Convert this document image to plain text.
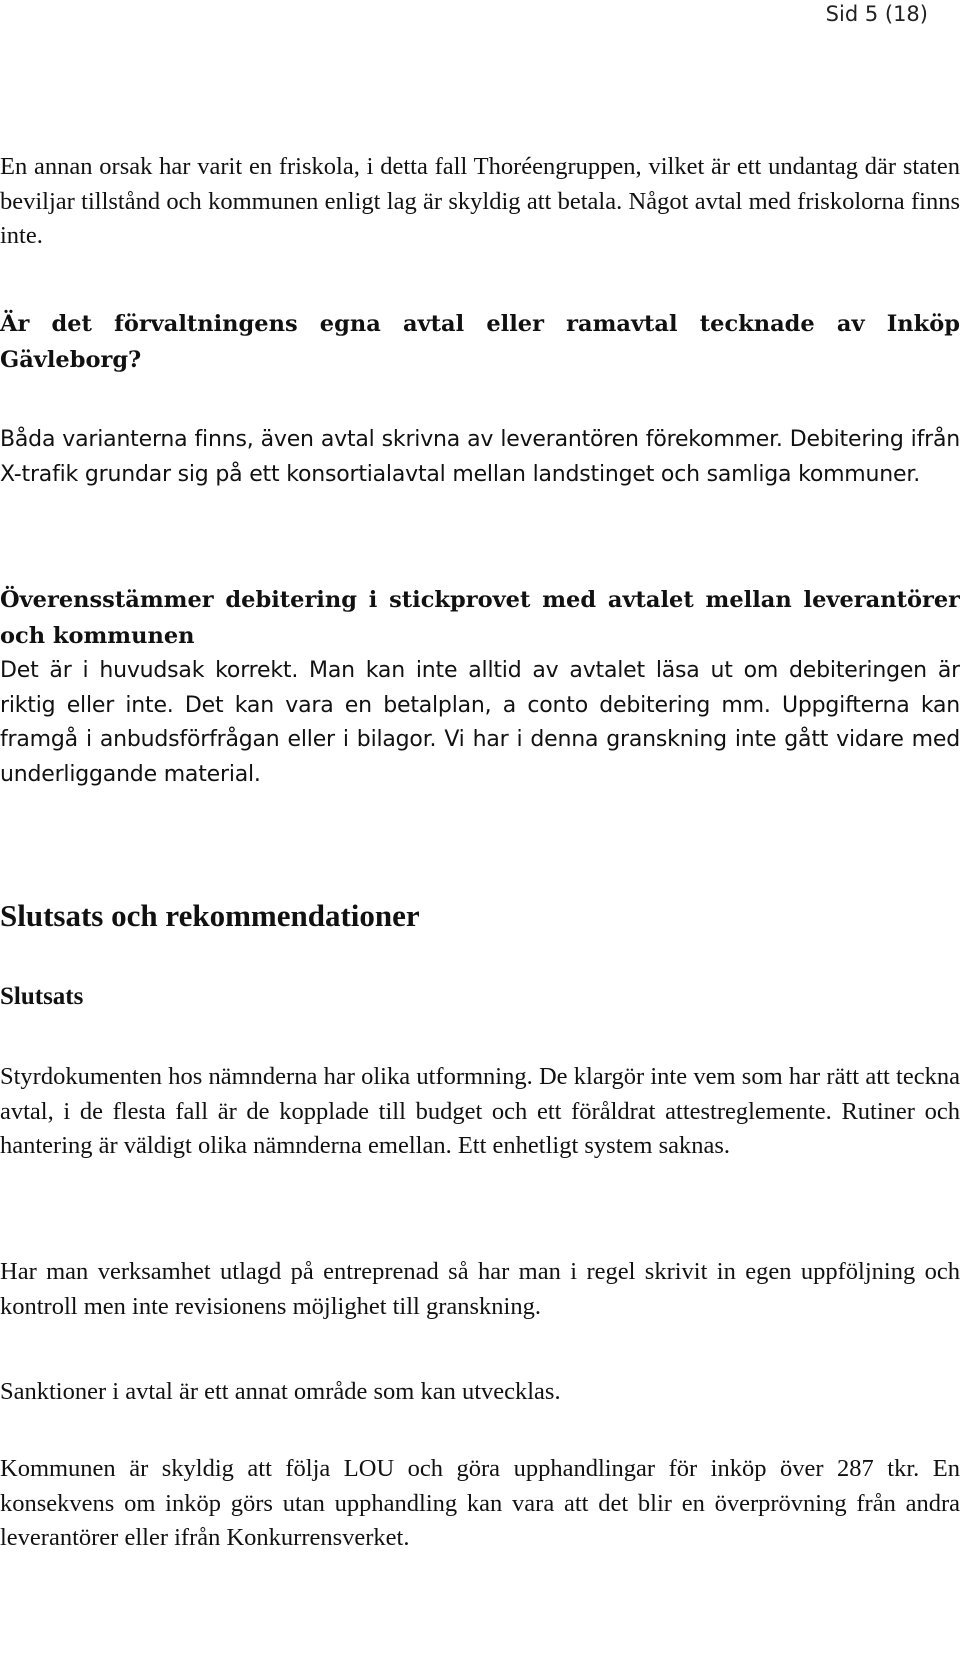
Sid 5 (18)

En annan orsak har varit en friskola, i detta fall Thoréengruppen, vilket är ett undantag där staten beviljar tillstånd och kommunen enligt lag är skyldig att betala. Något avtal med friskolorna finns inte.

Är det förvaltningens egna avtal eller ramavtal tecknade av Inköp Gävleborg?

Båda varianterna finns, även avtal skrivna av leverantören förekommer. Debitering ifrån X-trafik grundar sig på ett konsortialavtal mellan landstinget och samliga kommuner.

Överensstämmer debitering i stickprovet med avtalet mellan leverantörer och kommunen

Det är i huvudsak korrekt. Man kan inte alltid av avtalet läsa ut om debiteringen är riktig eller inte. Det kan vara en betalplan, a conto debitering mm. Uppgifterna kan framgå i anbudsförfrågan eller i bilagor. Vi har i denna granskning inte gått vidare med underliggande material.

Slutsats och rekommendationer
Slutsats

Styrdokumenten hos nämnderna har olika utformning. De klargör inte vem som har rätt att teckna avtal, i de flesta fall är de kopplade till budget och ett föråldrat attestreglemente. Rutiner och hantering är väldigt olika nämnderna emellan. Ett enhetligt system saknas.

Har man verksamhet utlagd på entreprenad så har man i regel skrivit in egen uppföljning och kontroll men inte revisionens möjlighet till granskning.

Sanktioner i avtal är ett annat område som kan utvecklas.

Kommunen är skyldig att följa LOU och göra upphandlingar för inköp över 287 tkr. En konsekvens om inköp görs utan upphandling kan vara att det blir en överprövning från andra leverantörer eller ifrån Konkurrensverket.
